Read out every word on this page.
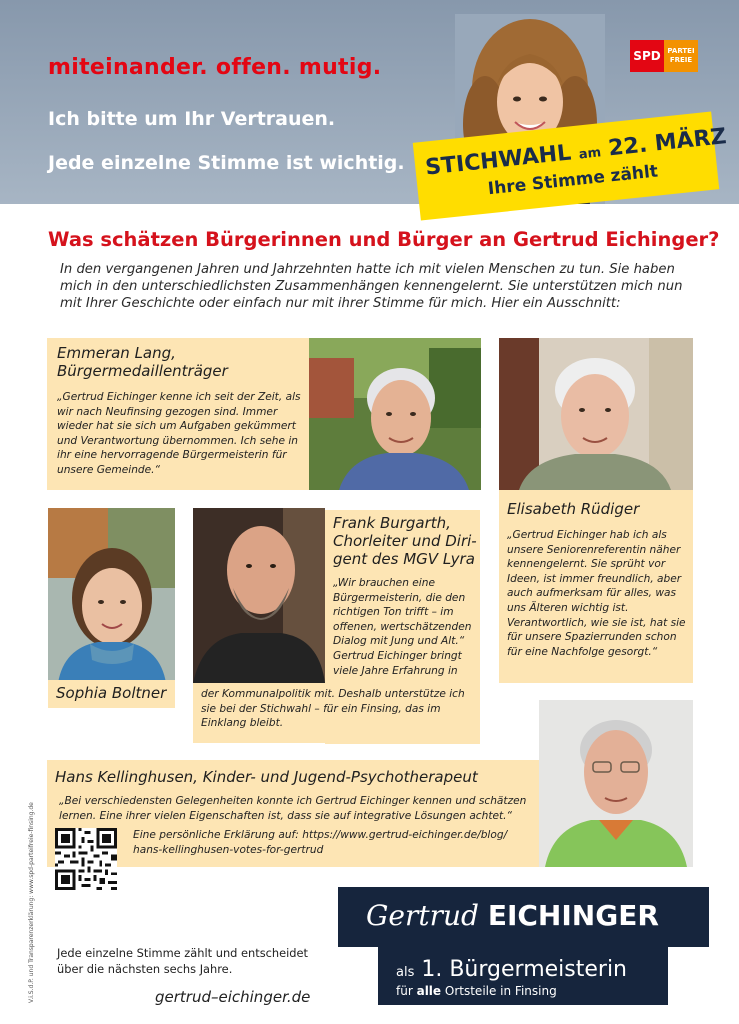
miteinander. offen. mutig.
Ich bitte um Ihr Vertrauen.
Jede einzelne Stimme ist wichtig.
SPD PARTEI
FREIE
STICHWAHL am 22. MÄRZ
Ihre Stimme zählt
Was schätzen Bürgerinnen und Bürger an Gertrud Eichinger?
In den vergangenen Jahren und Jahrzehnten hatte ich mit vielen Menschen zu tun. Sie haben mich in den unterschiedlichsten Zusammenhängen kennengelernt. Sie unterstützen mich nun mit Ihrer Geschichte oder einfach nur mit ihrer Stimme für mich. Hier ein Ausschnitt:
Emmeran Lang,
Bürgermedaillenträger
„Gertrud Eichinger kenne ich seit der Zeit, als wir nach Neufinsing gezogen sind. Immer wieder hat sie sich um Aufgaben gekümmert und Verantwortung übernommen. Ich sehe in ihr eine hervorragende Bürgermeisterin für unsere Gemeinde.“
Elisabeth Rüdiger
„Gertrud Eichinger hab ich als unsere Seniorenreferentin näher kennengelernt. Sie sprüht vor Ideen, ist immer freundlich, aber auch aufmerksam für alles, was uns Älteren wichtig ist. Verantwortlich, wie sie ist, hat sie für unsere Spazierrunden schon für eine Nachfolge gesorgt.“
Sophia Boltner
Frank Burgarth,
Chorleiter und Diri-
gent des MGV Lyra
„Wir brauchen eine Bürgermeisterin, die den richtigen Ton trifft – im offenen, wertschätzenden Dialog mit Jung und Alt.“
Gertrud Eichinger bringt viele Jahre Erfahrung in
der Kommunalpolitik mit. Deshalb unterstütze ich sie bei der Stichwahl – für ein Finsing, das im Einklang bleibt.
Hans Kellinghusen, Kinder- und Jugend-Psychotherapeut
„Bei verschiedensten Gelegenheiten konnte ich Gertrud Eichinger kennen und schätzen lernen. Eine ihrer vielen Eigenschaften ist, dass sie auf integrative Lösungen achtet.“
Eine persönliche Erklärung auf: https://www.gertrud-eichinger.de/blog/
hans-kellinghusen-votes-for-gertrud
V.i.S.d.P. und Transparenzerklärung: www.spd-parteifreie-finsing.de Jede einzelne Stimme zählt und entscheidet
über die nächsten sechs Jahre.
gertrud–eichinger.de
Gertrud EICHINGER
als 1. Bürgermeisterin
für alle Ortsteile in Finsing
